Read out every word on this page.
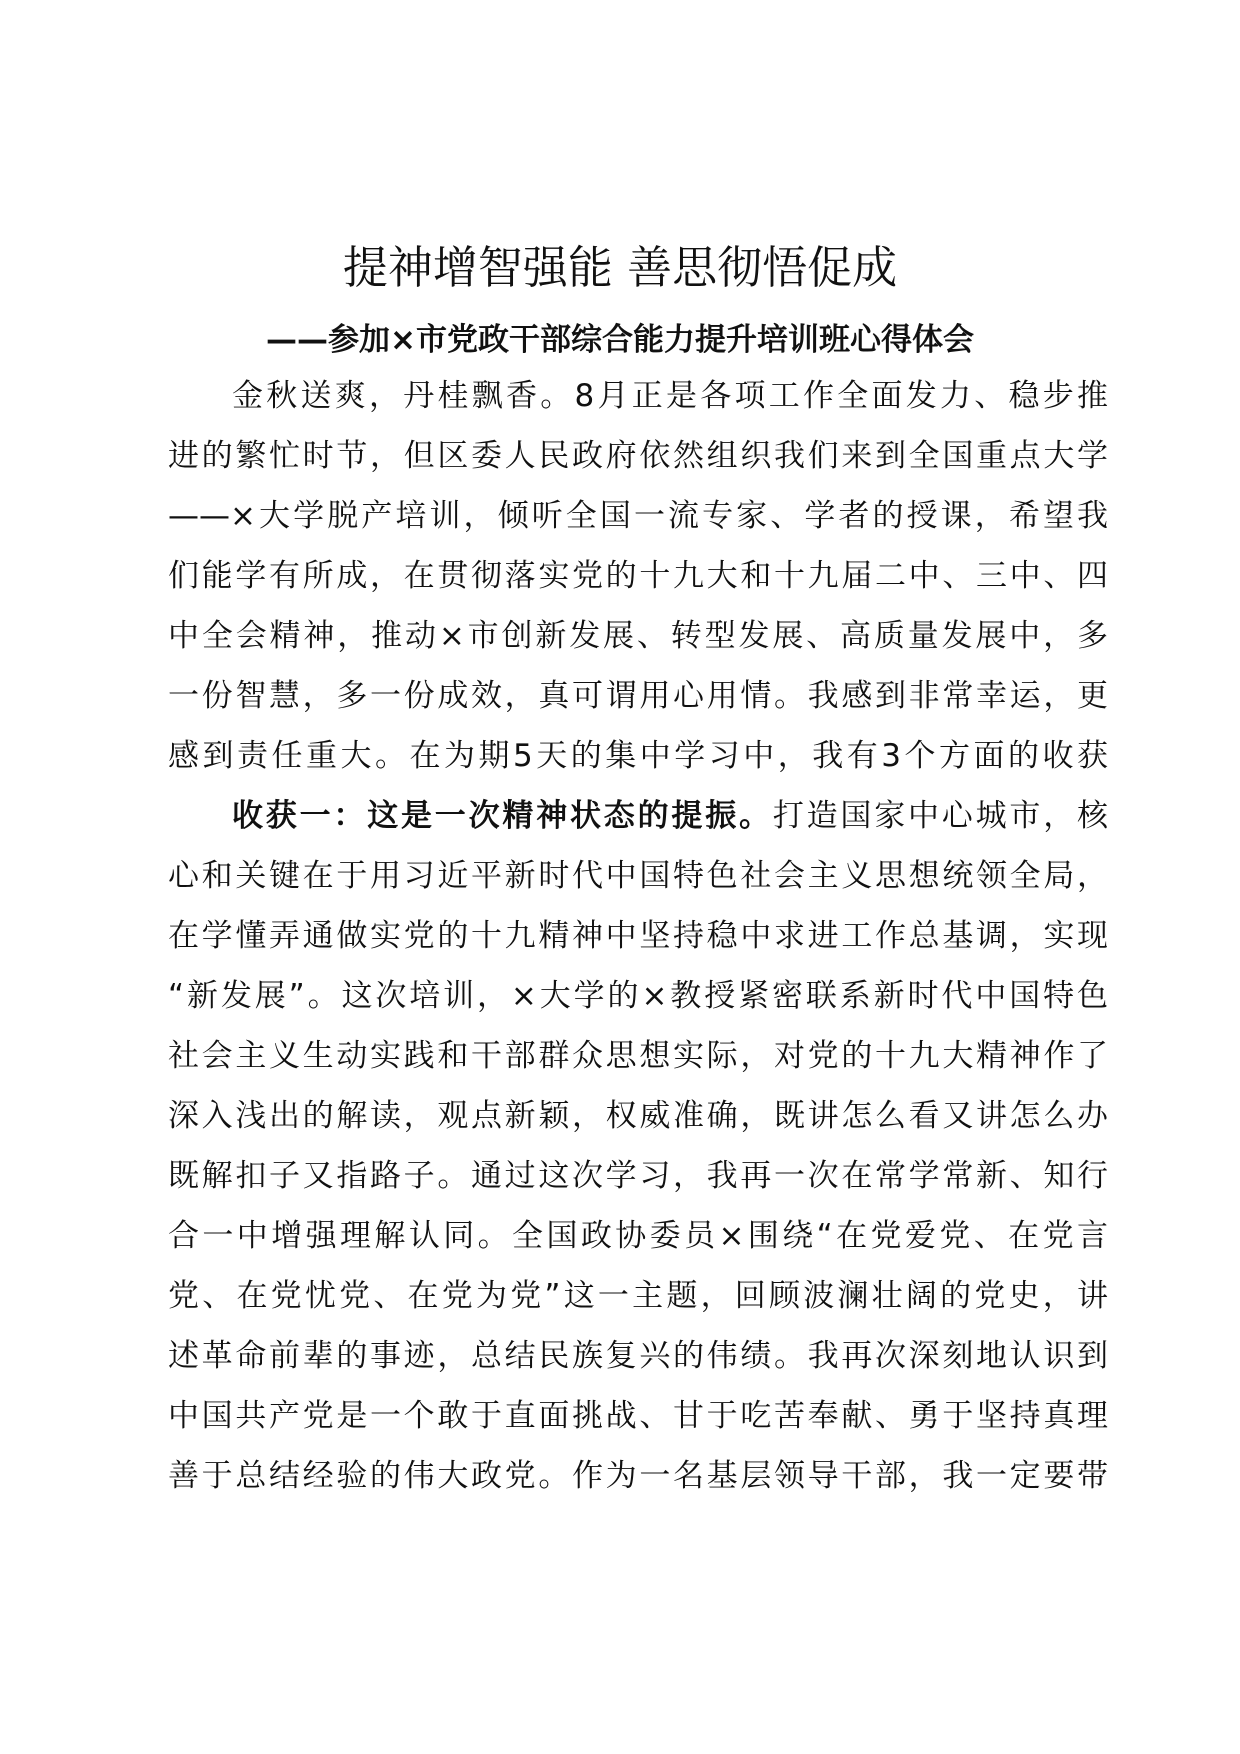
提神增智强能 善思彻悟促成
——参加×市党政干部综合能力提升培训班心得体会
金秋送爽，丹桂飘香。8月正是各项工作全面发力、稳步推
进的繁忙时节，但区委人民政府依然组织我们来到全国重点大学
——×大学脱产培训，倾听全国一流专家、学者的授课，希望我
们能学有所成，在贯彻落实党的十九大和十九届二中、三中、四
中全会精神，推动×市创新发展、转型发展、高质量发展中，多
一份智慧，多一份成效，真可谓用心用情。我感到非常幸运，更
感到责任重大。在为期5天的集中学习中，我有3个方面的收获
收获一：这是一次精神状态的提振。打造国家中心城市，核
心和关键在于用习近平新时代中国特色社会主义思想统领全局，
在学懂弄通做实党的十九精神中坚持稳中求进工作总基调，实现
“新发展”。这次培训，×大学的×教授紧密联系新时代中国特色
社会主义生动实践和干部群众思想实际，对党的十九大精神作了
深入浅出的解读，观点新颖，权威准确，既讲怎么看又讲怎么办
既解扣子又指路子。通过这次学习，我再一次在常学常新、知行
合一中增强理解认同。全国政协委员×围绕“在党爱党、在党言
党、在党忧党、在党为党”这一主题，回顾波澜壮阔的党史，讲
述革命前辈的事迹，总结民族复兴的伟绩。我再次深刻地认识到
中国共产党是一个敢于直面挑战、甘于吃苦奉献、勇于坚持真理
善于总结经验的伟大政党。作为一名基层领导干部，我一定要带
